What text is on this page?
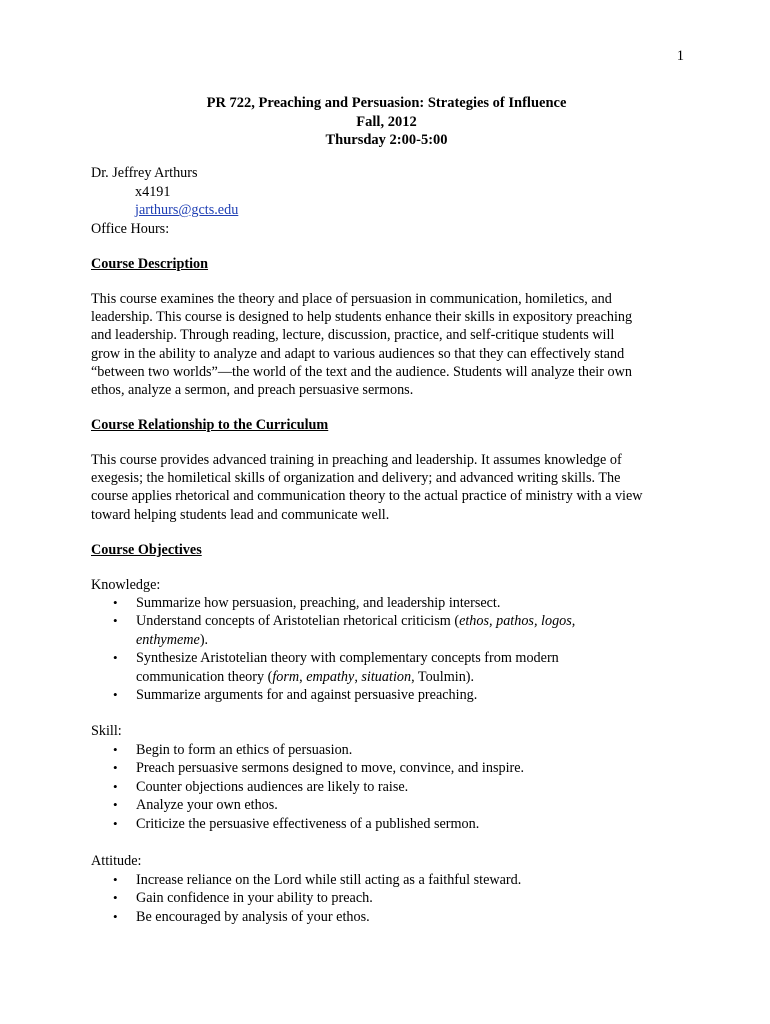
1
PR 722, Preaching and Persuasion: Strategies of Influence
Fall, 2012
Thursday 2:00-5:00
Dr. Jeffrey Arthurs
x4191
jarthurs@gcts.edu
Office Hours:
Course Description
This course examines the theory and place of persuasion in communication, homiletics, and
leadership. This course is designed to help students enhance their skills in expository preaching
and leadership. Through reading, lecture, discussion, practice, and self-critique students will
grow in the ability to analyze and adapt to various audiences so that they can effectively stand
“between two worlds”—the world of the text and the audience. Students will analyze their own
ethos, analyze a sermon, and preach persuasive sermons.
Course Relationship to the Curriculum
This course provides advanced training in preaching and leadership. It assumes knowledge of
exegesis; the homiletical skills of organization and delivery; and advanced writing skills. The
course applies rhetorical and communication theory to the actual practice of ministry with a view
toward helping students lead and communicate well.
Course Objectives
Knowledge:
• Summarize how persuasion, preaching, and leadership intersect.
• Understand concepts of Aristotelian rhetorical criticism (ethos, pathos, logos,
enthymeme).
• Synthesize Aristotelian theory with complementary concepts from modern
communication theory (form, empathy, situation, Toulmin).
• Summarize arguments for and against persuasive preaching.
Skill:
• Begin to form an ethics of persuasion.
• Preach persuasive sermons designed to move, convince, and inspire.
• Counter objections audiences are likely to raise.
• Analyze your own ethos.
• Criticize the persuasive effectiveness of a published sermon.
Attitude:
• Increase reliance on the Lord while still acting as a faithful steward.
• Gain confidence in your ability to preach.
• Be encouraged by analysis of your ethos.
